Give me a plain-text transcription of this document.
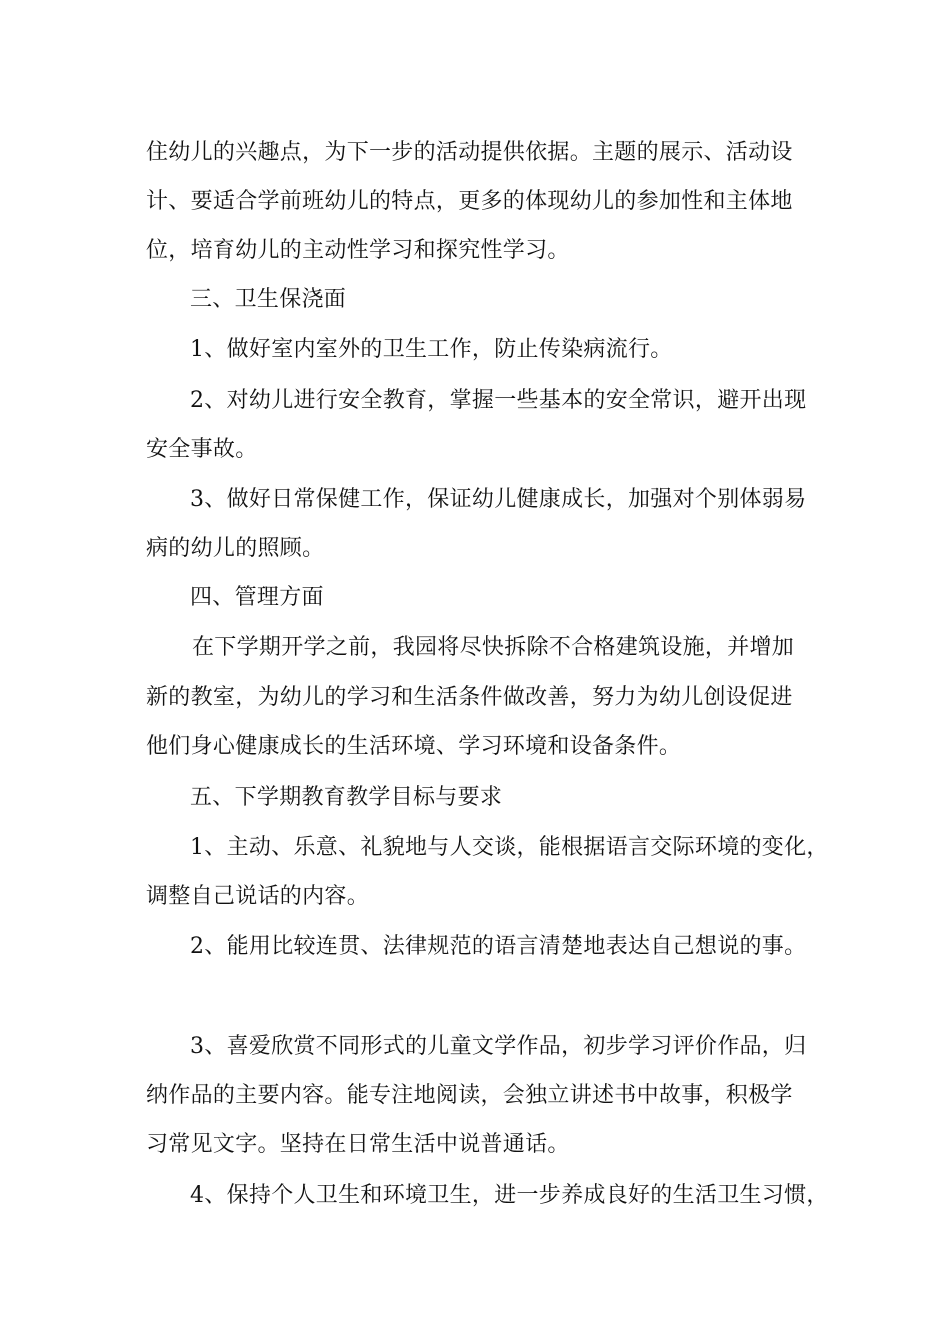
住幼儿的兴趣点，为下一步的活动提供依据。主题的展示、活动设
计、要适合学前班幼儿的特点，更多的体现幼儿的参加性和主体地
位，培育幼儿的主动性学习和探究性学习。
三、卫生保浇面
1、做好室内室外的卫生工作，防止传染病流行。
2、对幼儿进行安全教育，掌握一些基本的安全常识，避开出现
安全事故。
3、做好日常保健工作，保证幼儿健康成长，加强对个别体弱易
病的幼儿的照顾。
四、管理方面
在下学期开学之前，我园将尽快拆除不合格建筑设施，并增加
新的教室，为幼儿的学习和生活条件做改善，努力为幼儿创设促进
他们身心健康成长的生活环境、学习环境和设备条件。
五、下学期教育教学目标与要求
1、主动、乐意、礼貌地与人交谈，能根据语言交际环境的变化，
调整自己说话的内容。
2、能用比较连贯、法律规范的语言清楚地表达自己想说的事。
3、喜爱欣赏不同形式的儿童文学作品，初步学习评价作品，归
纳作品的主要内容。能专注地阅读，会独立讲述书中故事，积极学
习常见文字。坚持在日常生活中说普通话。
4、保持个人卫生和环境卫生，进一步养成良好的生活卫生习惯，
